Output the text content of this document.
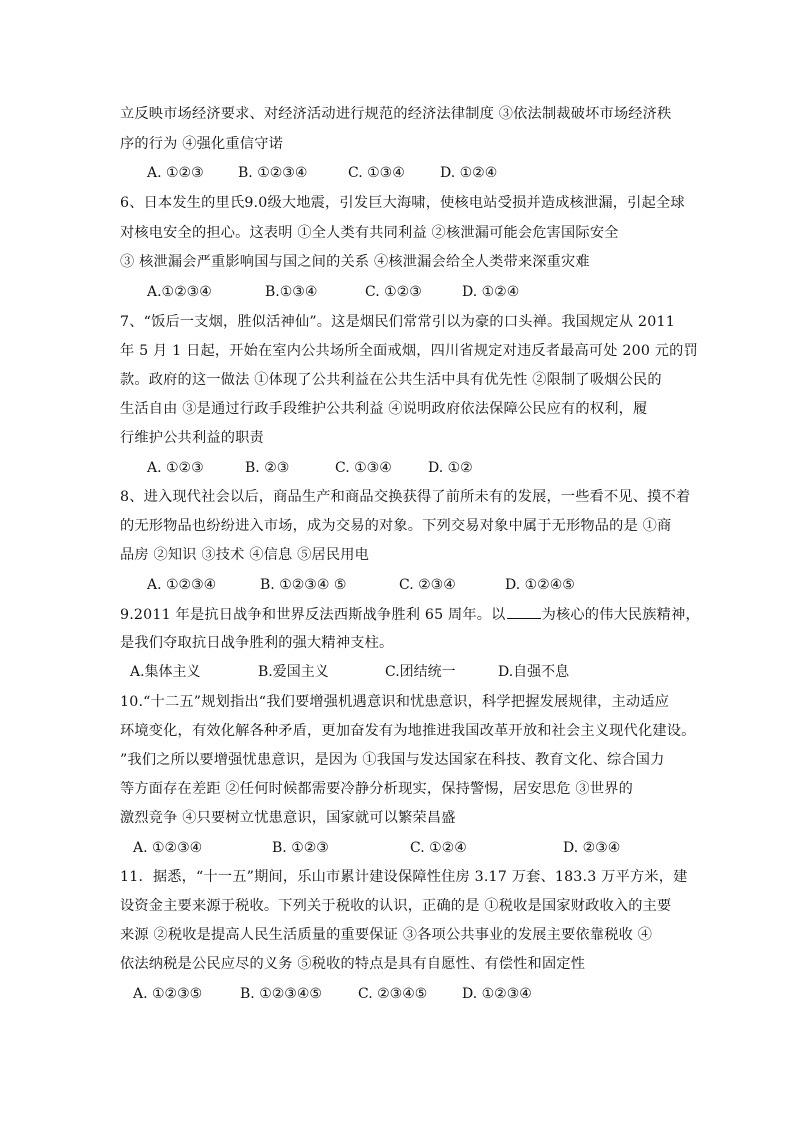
立反映市场经济要求、对经济活动进行规范的经济法律制度 ③依法制裁破坏市场经济秩
序的行为 ④强化重信守诺
A. ①②③ B. ①②③④	C. ①③④	D. ①②④
6、日本发生的里氏9.0级大地震，引发巨大海啸，使核电站受损并造成核泄漏，引起全球
对核电安全的担心。这表明 ①全人类有共同利益 ②核泄漏可能会危害国际安全
③ 核泄漏会严重影响国与国之间的关系 ④核泄漏会给全人类带来深重灾难
A.①②③④	B.①③④	C. ①②③	D. ①②④
7、“饭后一支烟，胜似活神仙”。这是烟民们常常引以为豪的口头禅。我国规定从 2011
年 5 月 1 日起，开始在室内公共场所全面戒烟，四川省规定对违反者最高可处 200 元的罚
款。政府的这一做法 ①体现了公共利益在公共生活中具有优先性 ②限制了吸烟公民的
生活自由 ③是通过行政手段维护公共利益 ④说明政府依法保障公民应有的权利，履
行维护公共利益的职责
A. ①②③	B. ②③	C. ①③④	D. ①②
8、进入现代社会以后，商品生产和商品交换获得了前所未有的发展，一些看不见、摸不着
的无形物品也纷纷进入市场，成为交易的对象。下列交易对象中属于无形物品的是 ①商
品房 ②知识 ③技术 ④信息 ⑤居民用电
A. ①②③④	B. ①②③④ ⑤	C. ②③④	D. ①②④⑤
9.2011 年是抗日战争和世界反法西斯战争胜利 65 周年。以	为核心的伟大民族精神，
是我们夺取抗日战争胜利的强大精神支柱。
A.集体主义	B.爱国主义	C.团结统一	D.自强不息
10.“十二五”规划指出“我们要增强机遇意识和忧患意识，科学把握发展规律，主动适应
环境变化，有效化解各种矛盾，更加奋发有为地推进我国改革开放和社会主义现代化建设。
”我们之所以要增强忧患意识，是因为 ①我国与发达国家在科技、教育文化、综合国力
等方面存在差距 ②任何时候都需要冷静分析现实，保持警惕，居安思危 ③世界的
激烈竞争 ④只要树立忧患意识，国家就可以繁荣昌盛
A. ①②③④	B. ①②③	C. ①②④	D. ②③④
11．据悉，“十一五”期间，乐山市累计建设保障性住房 3.17 万套、183.3 万平方米，建
设资金主要来源于税收。下列关于税收的认识，正确的是 ①税收是国家财政收入的主要
来源 ②税收是提高人民生活质量的重要保证 ③各项公共事业的发展主要依靠税收 ④
依法纳税是公民应尽的义务 ⑤税收的特点是具有自愿性、有偿性和固定性
A. ①②③⑤	B. ①②③④⑤	C. ②③④⑤ D. ①②③④
